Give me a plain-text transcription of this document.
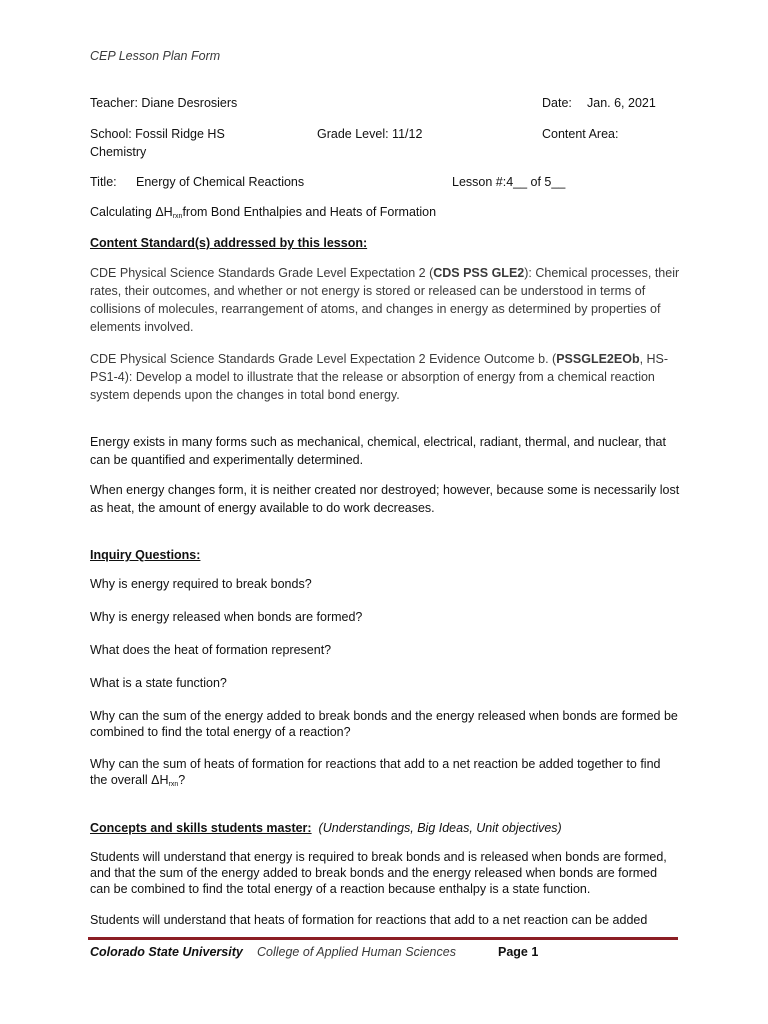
CEP Lesson Plan Form
Teacher: Diane Desrosiers	Date: Jan. 6, 2021
School: Fossil Ridge HS	Grade Level: 11/12	Content Area:
Chemistry
Title: Energy of Chemical Reactions	Lesson #:4__ of 5__
Calculating $\Delta H_{rxn}from$ Bond Enthalpies and Heats of Formation
Content Standard(s) addressed by this lesson:
CDE Physical Science Standards Grade Level Expectation 2 (CDS PSS GLE2): Chemical processes, their rates, their outcomes, and whether or not energy is stored or released can be understood in terms of collisions of molecules, rearrangement of atoms, and changes in energy as determined by properties of elements involved.
CDE Physical Science Standards Grade Level Expectation 2 Evidence Outcome b. (PSSGLE2EOb, HS-PS1-4): Develop a model to illustrate that the release or absorption of energy from a chemical reaction system depends upon the changes in total bond energy.
Energy exists in many forms such as mechanical, chemical, electrical, radiant, thermal, and nuclear, that can be quantified and experimentally determined.
When energy changes form, it is neither created nor destroyed; however, because some is necessarily lost as heat, the amount of energy available to do work decreases.
Inquiry Questions:
Why is energy required to break bonds?
Why is energy released when bonds are formed?
What does the heat of formation represent?
What is a state function?
Why can the sum of the energy added to break bonds and the energy released when bonds are formed be combined to find the total energy of a reaction?
Why can the sum of heats of formation for reactions that add to a net reaction be added together to find the overall $\Delta H_{rxn}$?
Concepts and skills students master: (Understandings, Big Ideas, Unit objectives)
Students will understand that energy is required to break bonds and is released when bonds are formed, and that the sum of the energy added to break bonds and the energy released when bonds are formed can be combined to find the total energy of a reaction because enthalpy is a state function.
Students will understand that heats of formation for reactions that add to a net reaction can be added
Colorado State University College of Applied Human Sciences	Page 1
